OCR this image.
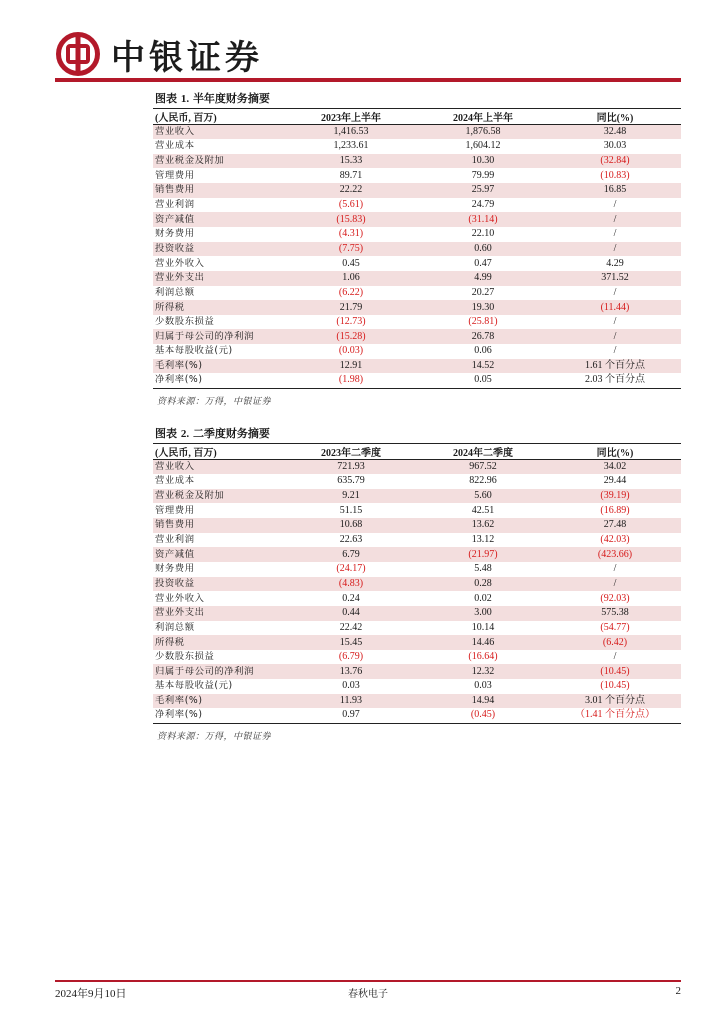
中银证券
图表 1. 半年度财务摘要
(人民币, 百万)	2023年上半年	2024年上半年	同比(%)
营业收入	1,416.53	1,876.58	32.48
营业成本	1,233.61	1,604.12	30.03
营业税金及附加	15.33	10.30	(32.84)
管理费用	89.71	79.99	(10.83)
销售费用	22.22	25.97	16.85
营业利润	(5.61)	24.79	/
资产减值	(15.83)	(31.14)	/
财务费用	(4.31)	22.10	/
投资收益	(7.75)	0.60	/
营业外收入	0.45	0.47	4.29
营业外支出	1.06	4.99	371.52
利润总额	(6.22)	20.27	/
所得税	21.79	19.30	(11.44)
少数股东损益	(12.73)	(25.81)	/
归属于母公司的净利润	(15.28)	26.78	/
基本每股收益(元)	(0.03)	0.06	/
毛利率(%)	12.91	14.52	1.61 个百分点
净利率(%)	(1.98)	0.05	2.03 个百分点
资料来源：万得，中银证券
图表 2. 二季度财务摘要
(人民币, 百万)	2023年二季度	2024年二季度	同比(%)
营业收入	721.93	967.52	34.02
营业成本	635.79	822.96	29.44
营业税金及附加	9.21	5.60	(39.19)
管理费用	51.15	42.51	(16.89)
销售费用	10.68	13.62	27.48
营业利润	22.63	13.12	(42.03)
资产减值	6.79	(21.97)	(423.66)
财务费用	(24.17)	5.48	/
投资收益	(4.83)	0.28	/
营业外收入	0.24	0.02	(92.03)
营业外支出	0.44	3.00	575.38
利润总额	22.42	10.14	(54.77)
所得税	15.45	14.46	(6.42)
少数股东损益	(6.79)	(16.64)	/
归属于母公司的净利润	13.76	12.32	(10.45)
基本每股收益(元)	0.03	0.03	(10.45)
毛利率(%)	11.93	14.94	3.01 个百分点
净利率(%)	0.97	(0.45)	（1.41 个百分点）
资料来源：万得，中银证券
2024年9月10日	春秋电子	2
